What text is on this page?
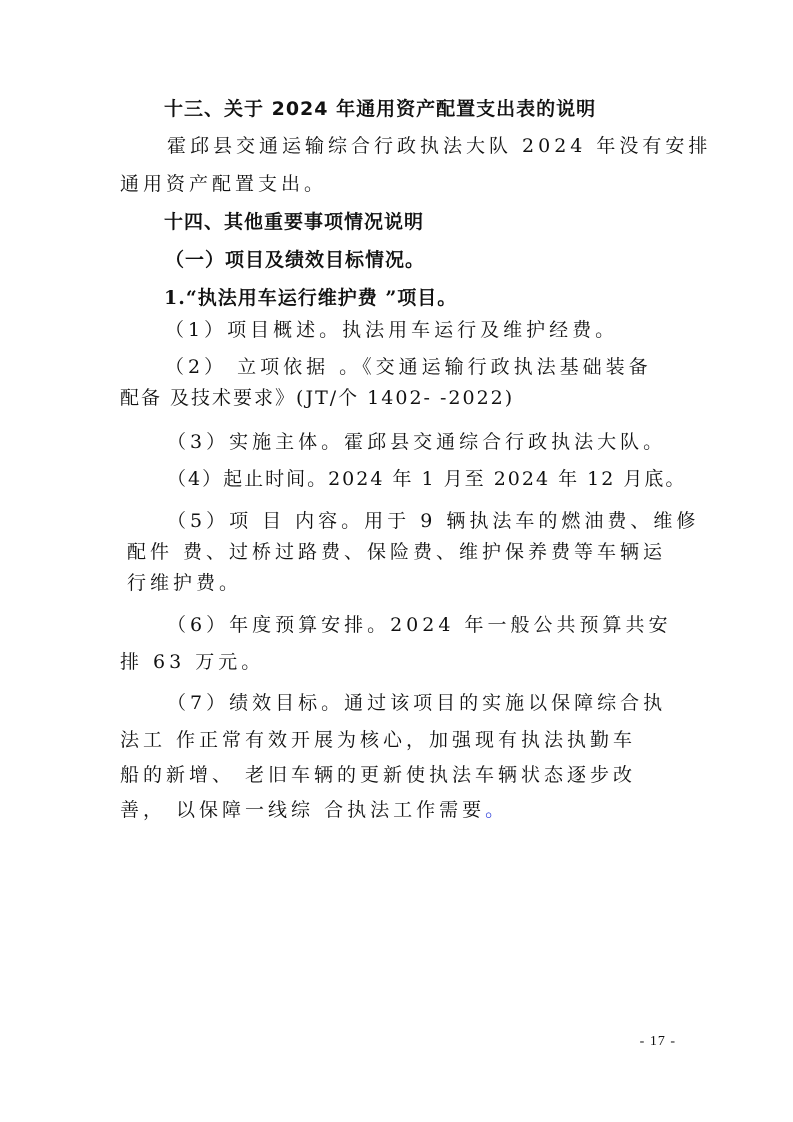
十三、关于 2024 年通用资产配置支出表的说明
霍邱县交通运输综合行政执法大队 2024 年没有安排
通用资产配置支出。
十四、其他重要事项情况说明
（一）项目及绩效目标情况。
1.“执法用车运行维护费 ”项目。
（1）项目概述。执法用车运行及维护经费。
（2） 立项依据 。《交通运输行政执法基础装备
配备 及技术要求》(JT/个 1402- -2022)
（3）实施主体。霍邱县交通综合行政执法大队。
（4）起止时间。2024 年 1 月至 2024 年 12 月底。
（5）项 目 内容。用于 9 辆执法车的燃油费、维修
配件 费、过桥过路费、保险费、维护保养费等车辆运
行维护费。
（6）年度预算安排。2024 年一般公共预算共安
排 63 万元。
（7）绩效目标。通过该项目的实施以保障综合执
法工 作正常有效开展为核心，加强现有执法执勤车
船的新增、 老旧车辆的更新使执法车辆状态逐步改
善， 以保障一线综 合执法工作需要。
- 17 -
